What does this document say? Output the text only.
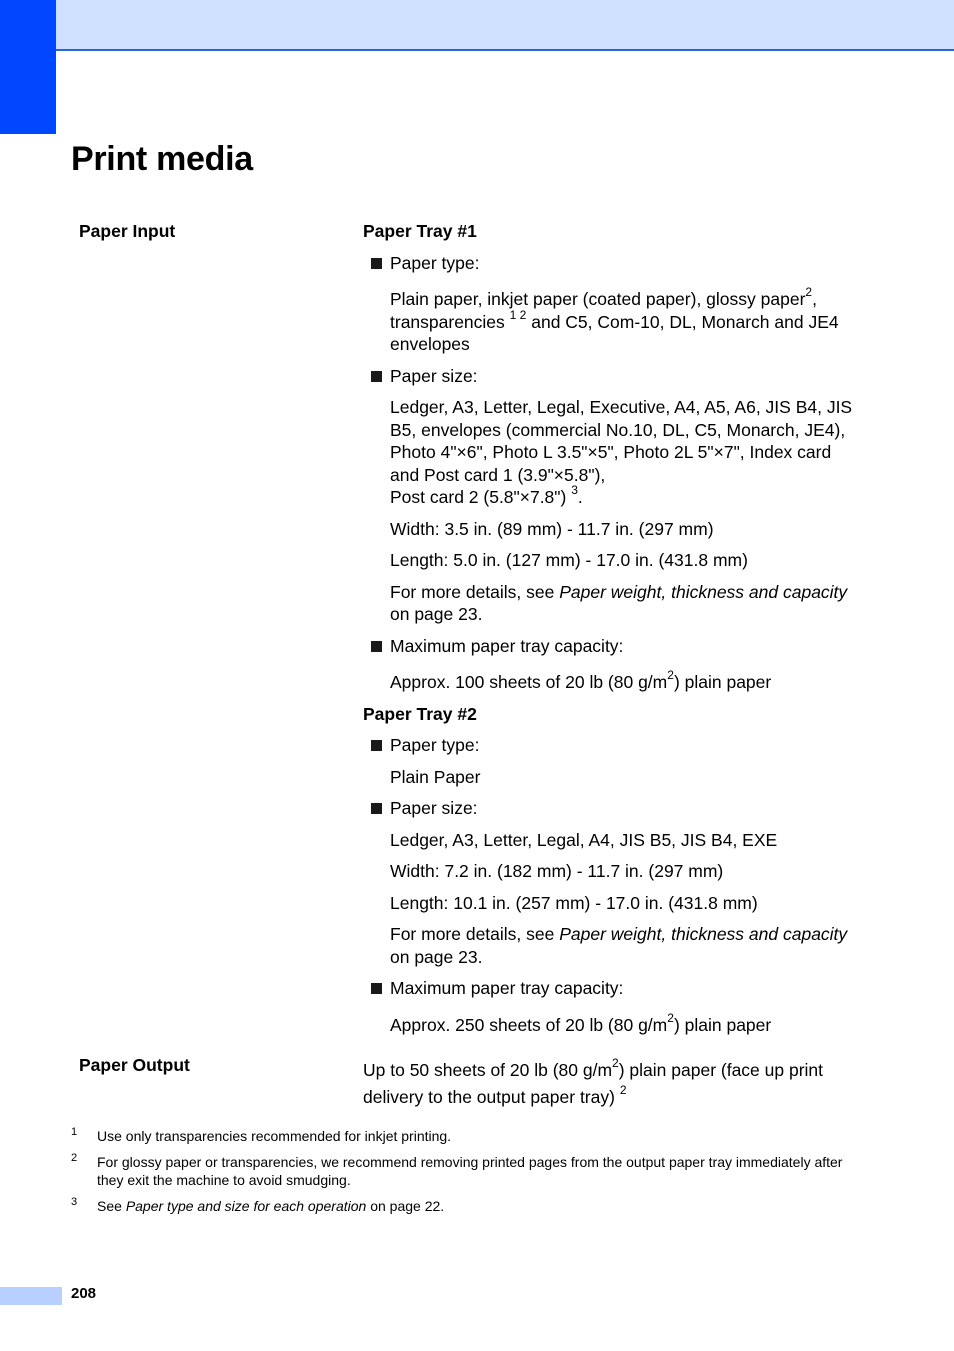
Print media
Paper Input
Paper Output
Paper Tray #1
Paper type:
Plain paper, inkjet paper (coated paper), glossy paper$^2$,
transparencies $^{1 2}$ and C5, Com-10, DL, Monarch and JE4 envelopes
Paper size:
Ledger, A3, Letter, Legal, Executive, A4, A5, A6, JIS B4, JIS B5, envelopes (commercial No.10, DL, C5, Monarch, JE4), Photo 4"×6", Photo L 3.5"×5", Photo 2L 5"×7", Index card and Post card 1 (3.9"×5.8"),
Post card 2 (5.8"×7.8") $^3$.
Width: 3.5 in. (89 mm) - 11.7 in. (297 mm)
Length: 5.0 in. (127 mm) - 17.0 in. (431.8 mm)
For more details, see Paper weight, thickness and capacity on page 23.
Maximum paper tray capacity:
Approx. 100 sheets of 20 lb (80 $g/m^2$) plain paper
Paper Tray #2
Paper type:
Plain Paper
Paper size:
Ledger, A3, Letter, Legal, A4, JIS B5, JIS B4, EXE
Width: 7.2 in. (182 mm) - 11.7 in. (297 mm)
Length: 10.1 in. (257 mm) - 17.0 in. (431.8 mm)
For more details, see Paper weight, thickness and capacity on page 23.
Maximum paper tray capacity:
Approx. 250 sheets of 20 lb (80 $g/m^2$) plain paper
Up to 50 sheets of 20 lb (80 $g/m^2$) plain paper (face up print delivery to the output paper tray) $^2$
1 Use only transparencies recommended for inkjet printing.
2 For glossy paper or transparencies, we recommend removing printed pages from the output paper tray immediately after they exit the machine to avoid smudging.
3 See Paper type and size for each operation on page 22.
208
